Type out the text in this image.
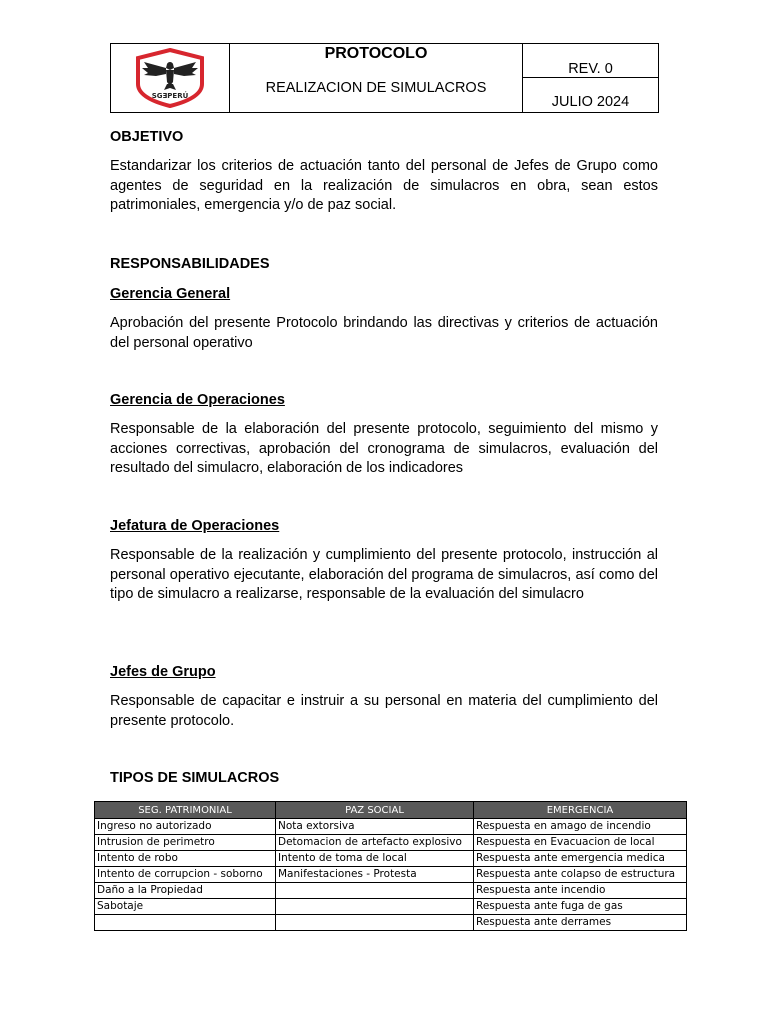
SGƎPERÚ
PROTOCOLO
REALIZACION DE SIMULACROS
REV. 0
JULIO 2024
OBJETIVO
Estandarizar los criterios de actuación tanto del personal de Jefes de Grupo como agentes de seguridad en la realización de simulacros en obra, sean estos patrimoniales, emergencia y/o de paz social.
RESPONSABILIDADES
Gerencia General
Aprobación del presente Protocolo brindando las directivas y criterios de actuación del personal operativo
Gerencia de Operaciones
Responsable de la elaboración del presente protocolo, seguimiento del mismo y acciones correctivas, aprobación del cronograma de simulacros, evaluación del resultado del simulacro, elaboración de los indicadores
Jefatura de Operaciones
Responsable de la realización y cumplimiento del presente protocolo, instrucción al personal operativo ejecutante, elaboración del programa de simulacros, así como del tipo de simulacro a realizarse, responsable de la evaluación del simulacro
Jefes de Grupo
Responsable de capacitar e instruir a su personal en materia del cumplimiento del presente protocolo.
TIPOS DE SIMULACROS
SEG. PATRIMONIAL	PAZ SOCIAL	EMERGENCIA
Ingreso no autorizado	Nota extorsiva	Respuesta en amago de incendio
Intrusion de perimetro	Detomacion de artefacto explosivo	Respuesta en Evacuacion de local
Intento de robo	Intento de toma de local	Respuesta ante emergencia medica
Intento de corrupcion - soborno	Manifestaciones - Protesta	Respuesta ante colapso de estructura
Daño a la Propiedad		Respuesta ante incendio
Sabotaje		Respuesta ante fuga de gas
		Respuesta ante derrames
